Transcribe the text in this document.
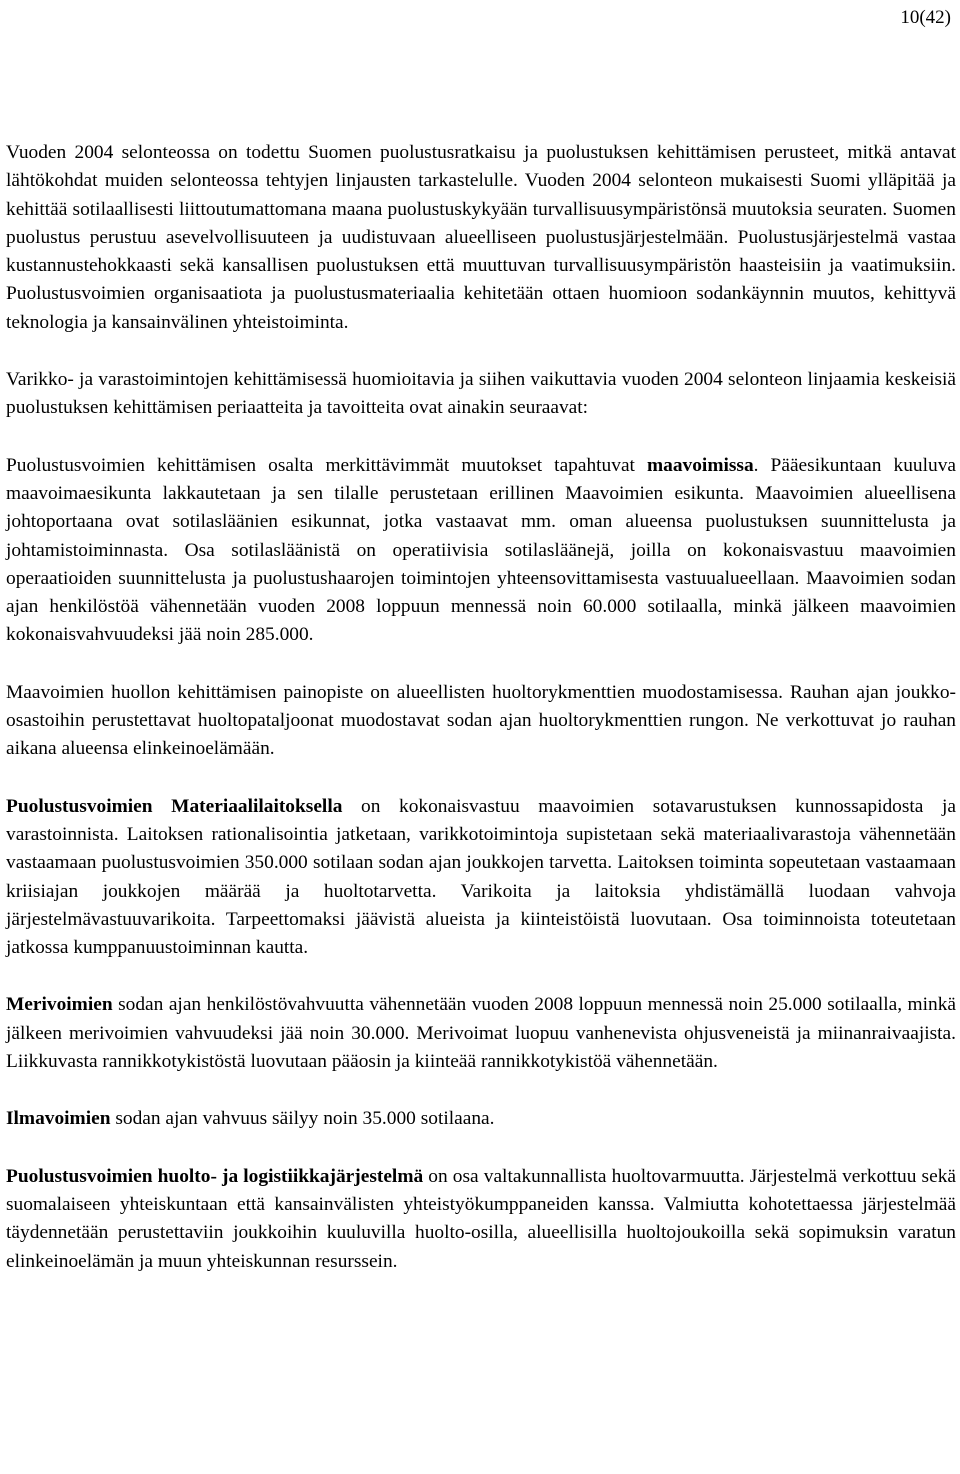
10(42)

Vuoden 2004 selonteossa on todettu Suomen puolustusratkaisu ja puolustuksen kehittämisen perusteet, mitkä antavat lähtökohdat muiden selonteossa tehtyjen linjausten tarkastelulle. Vuoden 2004 selonteon mukaisesti Suomi ylläpitää ja kehittää sotilaallisesti liittoutumattomana maana puolustuskykyään turvallisuusympäristönsä muutoksia seuraten. Suomen puolustus perustuu asevelvollisuuteen ja uudistuvaan alueelliseen puolustusjärjestelmään. Puolustusjärjestelmä vastaa kustannustehokkaasti sekä kansallisen puolustuksen että muuttuvan turvallisuusympäristön haasteisiin ja vaatimuksiin. Puolustusvoimien organisaatiota ja puolustusmateriaalia kehitetään ottaen huomioon sodankäynnin muutos, kehittyvä teknologia ja kansainvälinen yhteistoiminta.

Varikko- ja varastoimintojen kehittämisessä huomioitavia ja siihen vaikuttavia vuoden 2004 selonteon linjaamia keskeisiä puolustuksen kehittämisen periaatteita ja tavoitteita ovat ainakin seuraavat:

Puolustusvoimien kehittämisen osalta merkittävimmät muutokset tapahtuvat maavoimissa. Pääesikuntaan kuuluva maavoimaesikunta lakkautetaan ja sen tilalle perustetaan erillinen Maavoimien esikunta. Maavoimien alueellisena johtoportaana ovat sotilasläänien esikunnat, jotka vastaavat mm. oman alueensa puolustuksen suunnittelusta ja johtamistoiminnasta. Osa sotilasläänistä on operatiivisia sotilasläänejä, joilla on kokonaisvastuu maavoimien operaatioiden suunnittelusta ja puolustushaarojen toimintojen yhteensovittamisesta vastuualueellaan. Maavoimien sodan ajan henkilöstöä vähennetään vuoden 2008 loppuun mennessä noin 60.000 sotilaalla, minkä jälkeen maavoimien kokonaisvahvuudeksi jää noin 285.000.

Maavoimien huollon kehittämisen painopiste on alueellisten huoltorykmenttien muodostamisessa. Rauhan ajan joukko-osastoihin perustettavat huoltopataljoonat muodostavat sodan ajan huoltorykmenttien rungon. Ne verkottuvat jo rauhan aikana alueensa elinkeinoelämään.

Puolustusvoimien Materiaalilaitoksella on kokonaisvastuu maavoimien sotavarustuksen kunnossapidosta ja varastoinnista. Laitoksen rationalisointia jatketaan, varikkotoimintoja supistetaan sekä materiaalivarastoja vähennetään vastaamaan puolustusvoimien 350.000 sotilaan sodan ajan joukkojen tarvetta. Laitoksen toiminta sopeutetaan vastaamaan kriisiajan joukkojen määrää ja huoltotarvetta. Varikoita ja laitoksia yhdistämällä luodaan vahvoja järjestelmävastuuvarikoita. Tarpeettomaksi jäävistä alueista ja kiinteistöistä luovutaan. Osa toiminnoista toteutetaan jatkossa kumppanuustoiminnan kautta.

Merivoimien sodan ajan henkilöstövahvuutta vähennetään vuoden 2008 loppuun mennessä noin 25.000 sotilaalla, minkä jälkeen merivoimien vahvuudeksi jää noin 30.000. Merivoimat luopuu vanhenevista ohjusveneistä ja miinanraivaajista. Liikkuvasta rannikkotykistöstä luovutaan pääosin ja kiinteää rannikkotykistöä vähennetään.

Ilmavoimien sodan ajan vahvuus säilyy noin 35.000 sotilaana.

Puolustusvoimien huolto- ja logistiikkajärjestelmä on osa valtakunnallista huoltovarmuutta. Järjestelmä verkottuu sekä suomalaiseen yhteiskuntaan että kansainvälisten yhteistyökumppaneiden kanssa. Valmiutta kohotettaessa järjestelmää täydennetään perustettaviin joukkoihin kuuluvilla huolto-osilla, alueellisilla huoltojoukoilla sekä sopimuksin varatun elinkeinoelämän ja muun yhteiskunnan resurssein.
